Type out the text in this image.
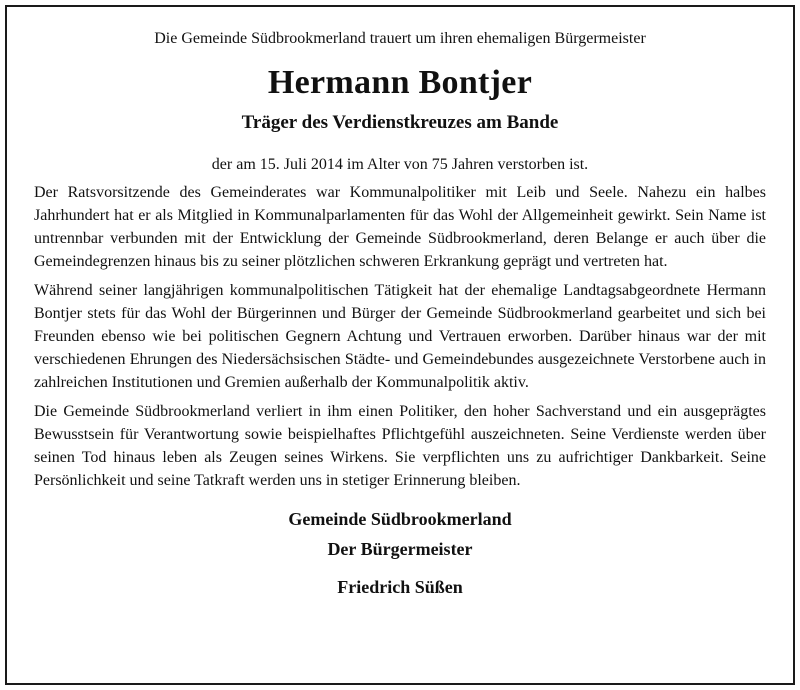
Die Gemeinde Südbrookmerland trauert um ihren ehemaligen Bürgermeister
Hermann Bontjer
Träger des Verdienstkreuzes am Bande
der am 15. Juli 2014 im Alter von 75 Jahren verstorben ist.

Der Ratsvorsitzende des Gemeinderates war Kommunalpolitiker mit Leib und Seele. Nahezu ein halbes Jahrhundert hat er als Mitglied in Kommunalparlamenten für das Wohl der Allgemeinheit gewirkt. Sein Name ist untrennbar verbunden mit der Entwicklung der Gemeinde Südbrookmerland, deren Belange er auch über die Gemeindegrenzen hinaus bis zu seiner plötzlichen schweren Erkrankung geprägt und vertreten hat.

Während seiner langjährigen kommunalpolitischen Tätigkeit hat der ehemalige Landtagsabgeordnete Hermann Bontjer stets für das Wohl der Bürgerinnen und Bürger der Gemeinde Südbrookmerland gearbeitet und sich bei Freunden ebenso wie bei politischen Gegnern Achtung und Vertrauen erworben. Darüber hinaus war der mit verschiedenen Ehrungen des Niedersächsischen Städte- und Gemeindebundes ausgezeichnete Verstorbene auch in zahlreichen Institutionen und Gremien außerhalb der Kommunalpolitik aktiv.

Die Gemeinde Südbrookmerland verliert in ihm einen Politiker, den hoher Sachverstand und ein ausgeprägtes Bewusstsein für Verantwortung sowie beispielhaftes Pflichtgefühl auszeichneten. Seine Verdienste werden über seinen Tod hinaus leben als Zeugen seines Wirkens. Sie verpflichten uns zu aufrichtiger Dankbarkeit. Seine Persönlichkeit und seine Tatkraft werden uns in stetiger Erinnerung bleiben.

Gemeinde Südbrookmerland
Der Bürgermeister
Friedrich Süßen
